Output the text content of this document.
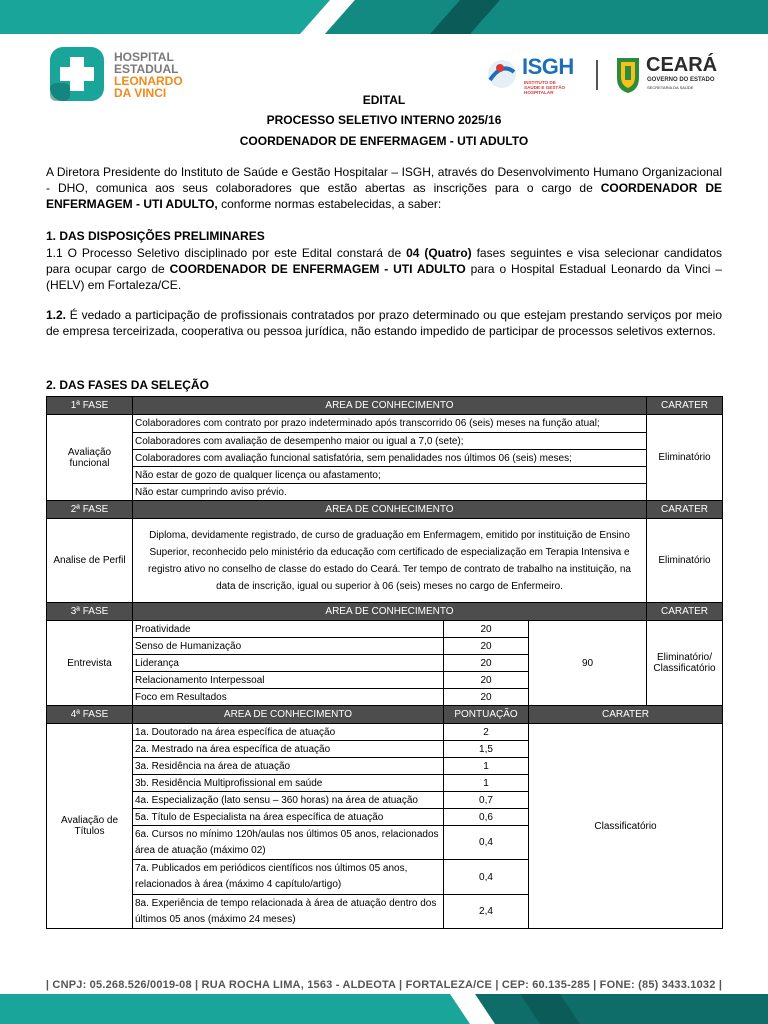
HOSPITAL
ESTADUAL
LEONARDO
DA VINCI
ISGH
INSTITUTO DE SAÚDE E GESTÃO HOSPITALAR
CEARÁ
GOVERNO DO ESTADO
SECRETARIA DA SAÚDE
EDITAL
PROCESSO SELETIVO INTERNO 2025/16
COORDENADOR DE ENFERMAGEM - UTI ADULTO
A Diretora Presidente do Instituto de Saúde e Gestão Hospitalar – ISGH, através do Desenvolvimento Humano Organizacional - DHO, comunica aos seus colaboradores que estão abertas as inscrições para o cargo de COORDENADOR DE ENFERMAGEM - UTI ADULTO, conforme normas estabelecidas, a saber:
1. DAS DISPOSIÇÕES PRELIMINARES
1.1 O Processo Seletivo disciplinado por este Edital constará de 04 (Quatro) fases seguintes e visa selecionar candidatos para ocupar cargo de COORDENADOR DE ENFERMAGEM - UTI ADULTO para o Hospital Estadual Leonardo da Vinci – (HELV) em Fortaleza/CE.
1.2. É vedado a participação de profissionais contratados por prazo determinado ou que estejam prestando serviços por meio de empresa terceirizada, cooperativa ou pessoa jurídica, não estando impedido de participar de processos seletivos externos.
2. DAS FASES DA SELEÇÃO
1ª FASE	AREA DE CONHECIMENTO			CARATER
Avaliação funcional	Colaboradores com contrato por prazo indeterminado após transcorrido 06 (seis) meses na função atual;			Eliminatório
	Colaboradores com avaliação de desempenho maior ou igual a 7,0 (sete);			
	Colaboradores com avaliação funcional satisfatória, sem penalidades nos últimos 06 (seis) meses;			
	Não estar de gozo de qualquer licença ou afastamento;			
	Não estar cumprindo aviso prévio.			
2ª FASE	AREA DE CONHECIMENTO			CARATER
Analise de Perfil	Diploma, devidamente registrado, de curso de graduação em Enfermagem, emitido por instituição de Ensino Superior, reconhecido pelo ministério da educação com certificado de especialização em Terapia Intensiva e registro ativo no conselho de classe do estado do Ceará. Ter tempo de contrato de trabalho na instituição, na data de inscrição, igual ou superior à 06 (seis) meses no cargo de Enfermeiro.			Eliminatório
3ª FASE	AREA DE CONHECIMENTO			CARATER
Entrevista	Proatividade	20	90	Eliminatório/ Classificatório
	Senso de Humanização	20		
	Liderança	20		
	Relacionamento Interpessoal	20		
	Foco em Resultados	20		
4ª FASE	AREA DE CONHECIMENTO	PONTUAÇÃO	CARATER	
Avaliação de Títulos	1a. Doutorado na área específica de atuação	2	Classificatório	
	2a. Mestrado na área específica de atuação	1,5		
	3a. Residência na área de atuação	1		
	3b. Residência Multiprofissional em saúde	1		
	4a. Especialização (lato sensu – 360 horas) na área de atuação	0,7		
	5a. Título de Especialista na área específica de atuação	0,6		
	6a. Cursos no mínimo 120h/aulas nos últimos 05 anos, relacionados área de atuação (máximo 02)	0,4		
	7a. Publicados em periódicos científicos nos últimos 05 anos, relacionados à área (máximo 4 capítulo/artigo)	0,4		
	8a. Experiência de tempo relacionada à área de atuação dentro dos últimos 05 anos (máximo 24 meses)	2,4		
| CNPJ: 05.268.526/0019-08 | RUA ROCHA LIMA, 1563 - ALDEOTA | FORTALEZA/CE | CEP: 60.135-285 | FONE: (85) 3433.1032 |
